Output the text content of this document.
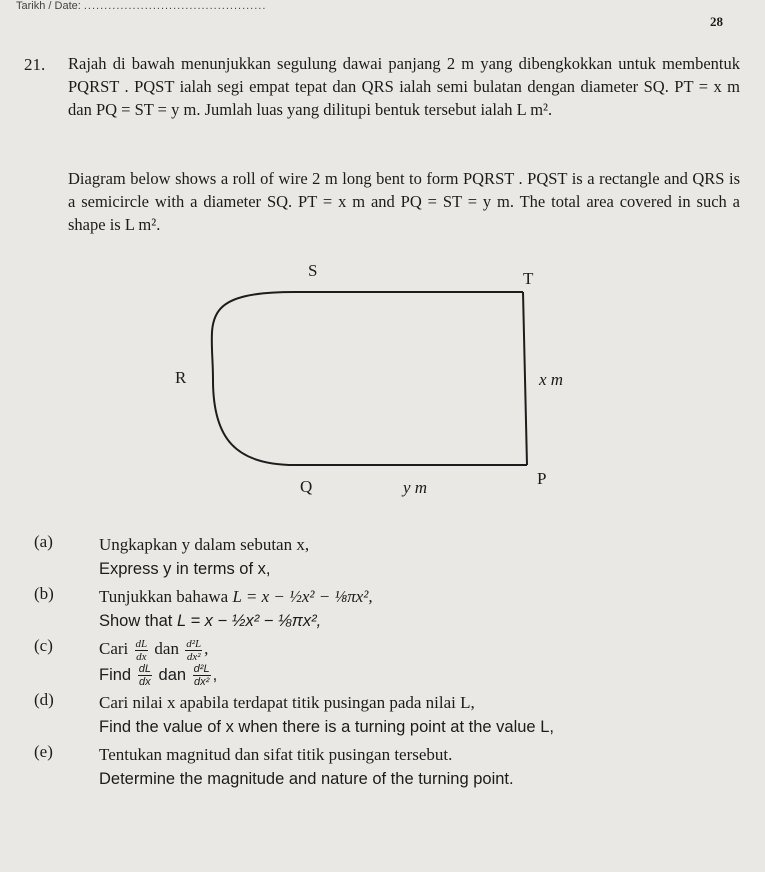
Tarikh / Date: .............................................
28
21. Rajah di bawah menunjukkan segulung dawai panjang 2 m yang dibengkokkan untuk membentuk PQRST . PQST ialah segi empat tepat dan QRS ialah semi bulatan dengan diameter SQ. PT = x m dan PQ = ST = y m. Jumlah luas yang dilitupi bentuk tersebut ialah L m².
Diagram below shows a roll of wire 2 m long bent to form PQRST . PQST is a rectangle and QRS is a semicircle with a diameter SQ. PT = x m and PQ = ST = y m. The total area covered in such a shape is L m².
S	T
R
Q	P
x m
y m
(a)	Ungkapkan y dalam sebutan x,
Express y in terms of x,
(b)	Tunjukkan bahawa L = x − ½x² − ⅛πx²,
Show that L = x − ½x² − ⅛πx²,
(c)	Cari $\frac{dL}{dx}$ dan $\frac{\text{d²L}}{\text{dx²}}$ ,
Find $\frac{dL}{dx}$ dan $\frac{\text{d²L}}{\text{dx²}}$ ,
(d)	Cari nilai x apabila terdapat titik pusingan pada nilai L,
Find the value of x when there is a turning point at the value L,
(e)	Tentukan magnitud dan sifat titik pusingan tersebut.
Determine the magnitude and nature of the turning point.
